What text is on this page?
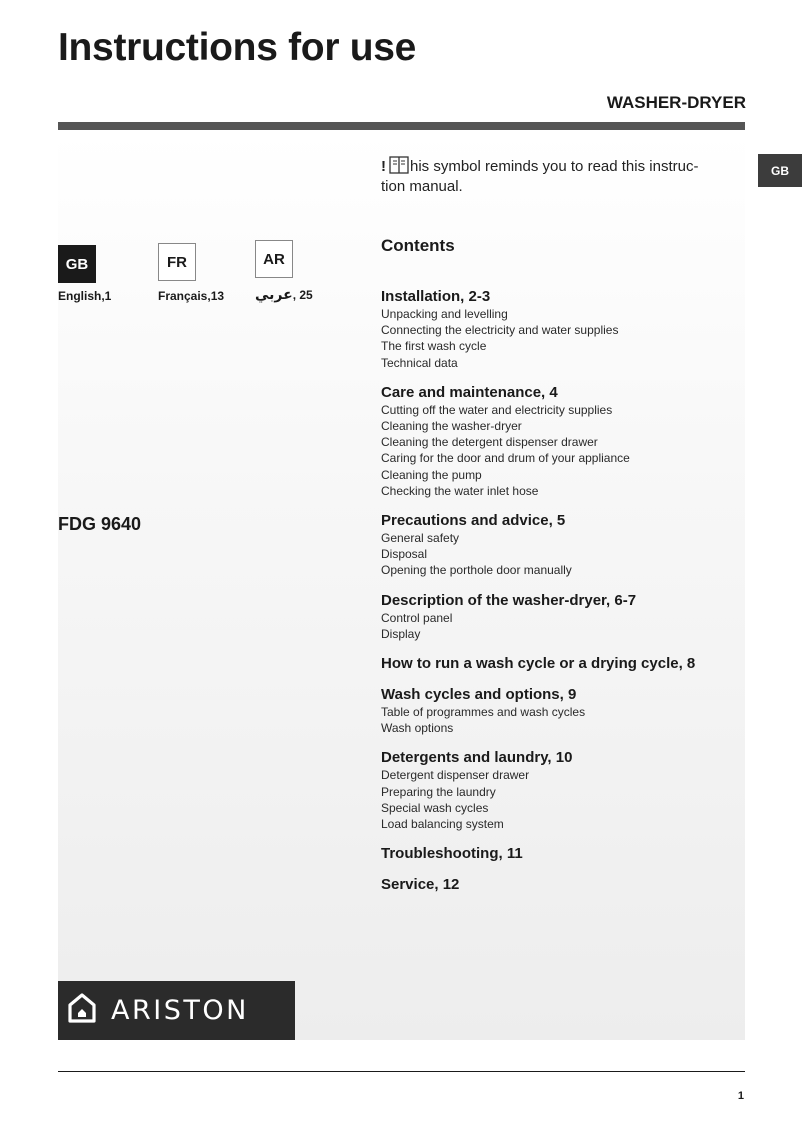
Instructions for use
WASHER-DRYER
GB
GB	FR	AR
English,1	Français,13 عربي, 25
FDG 9640
! his symbol reminds you to read this instruc- tion manual.
Contents
Installation, 2-3
Unpacking and levelling
Connecting the electricity and water supplies
The first wash cycle
Technical data
Care and maintenance, 4
Cutting off the water and electricity supplies
Cleaning the washer-dryer
Cleaning the detergent dispenser drawer
Caring for the door and drum of your appliance
Cleaning the pump
Checking the water inlet hose
Precautions and advice, 5
General safety
Disposal
Opening the porthole door manually
Description of the washer-dryer, 6-7
Control panel
Display
How to run a wash cycle or a drying cycle, 8
Wash cycles and options, 9
Table of programmes and wash cycles
Wash options
Detergents and laundry, 10
Detergent dispenser drawer
Preparing the laundry
Special wash cycles
Load balancing system
Troubleshooting, 11
Service, 12
ARISTON
1
